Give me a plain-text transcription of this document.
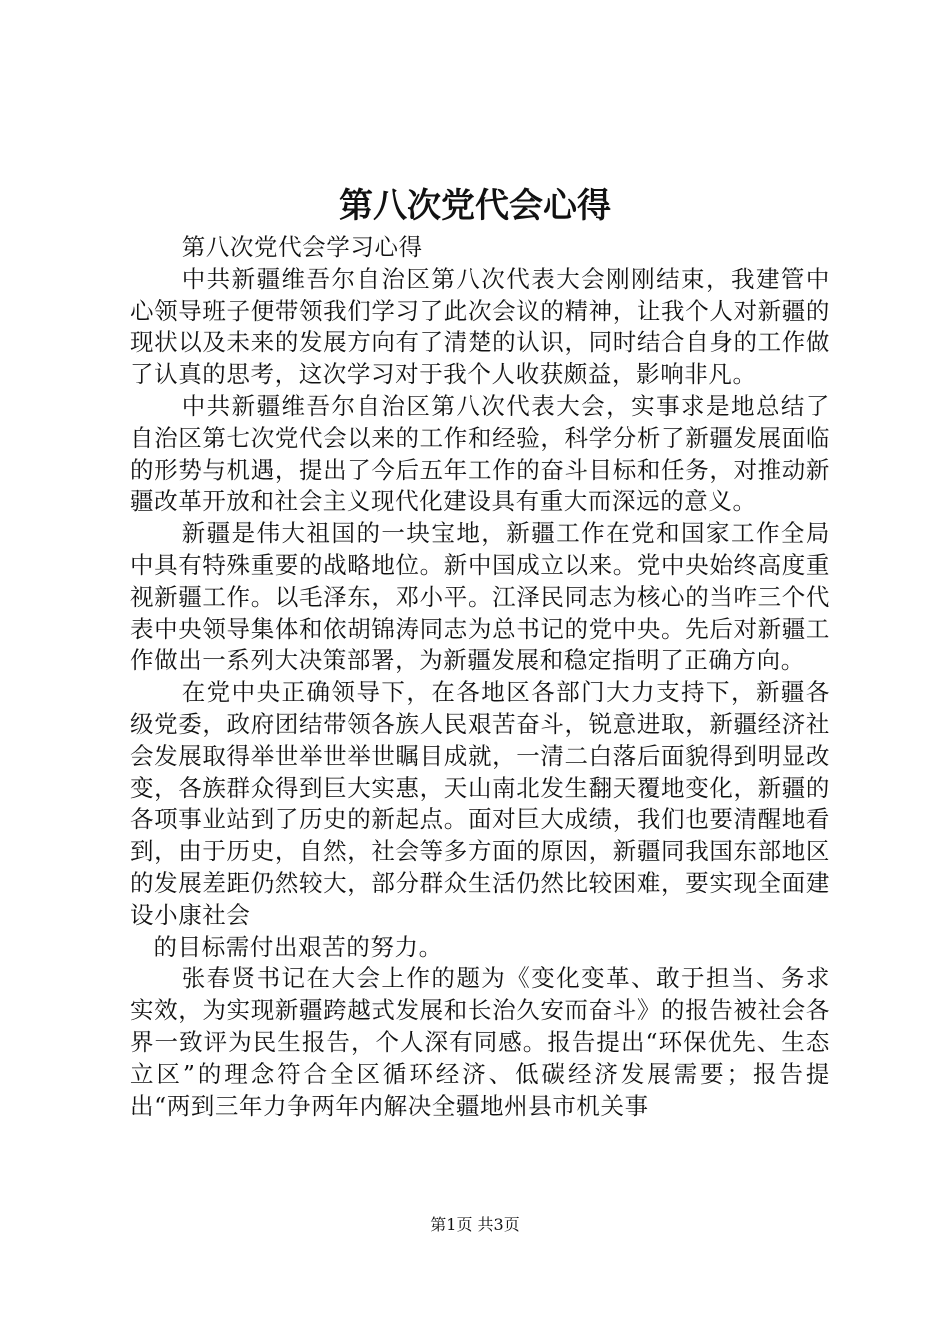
第八次党代会心得

第八次党代会学习心得

中共新疆维吾尔自治区第八次代表大会刚刚结束，我建管中心领导班子便带领我们学习了此次会议的精神，让我个人对新疆的现状以及未来的发展方向有了清楚的认识，同时结合自身的工作做了认真的思考，这次学习对于我个人收获颇益，影响非凡。

中共新疆维吾尔自治区第八次代表大会，实事求是地总结了自治区第七次党代会以来的工作和经验，科学分析了新疆发展面临的形势与机遇，提出了今后五年工作的奋斗目标和任务，对推动新疆改革开放和社会主义现代化建设具有重大而深远的意义。

新疆是伟大祖国的一块宝地，新疆工作在党和国家工作全局中具有特殊重要的战略地位。新中国成立以来。党中央始终高度重视新疆工作。以毛泽东，邓小平。江泽民同志为核心的当咋三个代表中央领导集体和依胡锦涛同志为总书记的党中央。先后对新疆工作做出一系列大决策部署，为新疆发展和稳定指明了正确方向。

在党中央正确领导下，在各地区各部门大力支持下，新疆各级党委，政府团结带领各族人民艰苦奋斗，锐意进取，新疆经济社会发展取得举世举世举世瞩目成就，一清二白落后面貌得到明显改变，各族群众得到巨大实惠，天山南北发生翻天覆地变化，新疆的各项事业站到了历史的新起点。面对巨大成绩，我们也要清醒地看到，由于历史，自然，社会等多方面的原因，新疆同我国东部地区的发展差距仍然较大，部分群众生活仍然比较困难，要实现全面建设小康社会

的目标需付出艰苦的努力。

张春贤书记在大会上作的题为《变化变革、敢于担当、务求实效，为实现新疆跨越式发展和长治久安而奋斗》的报告被社会各界一致评为民生报告，个人深有同感。报告提出“环保优先、生态立区”的理念符合全区循环经济、低碳经济发展需要；报告提出“两到三年力争两年内解决全疆地州县市机关事

第1页 共3页
